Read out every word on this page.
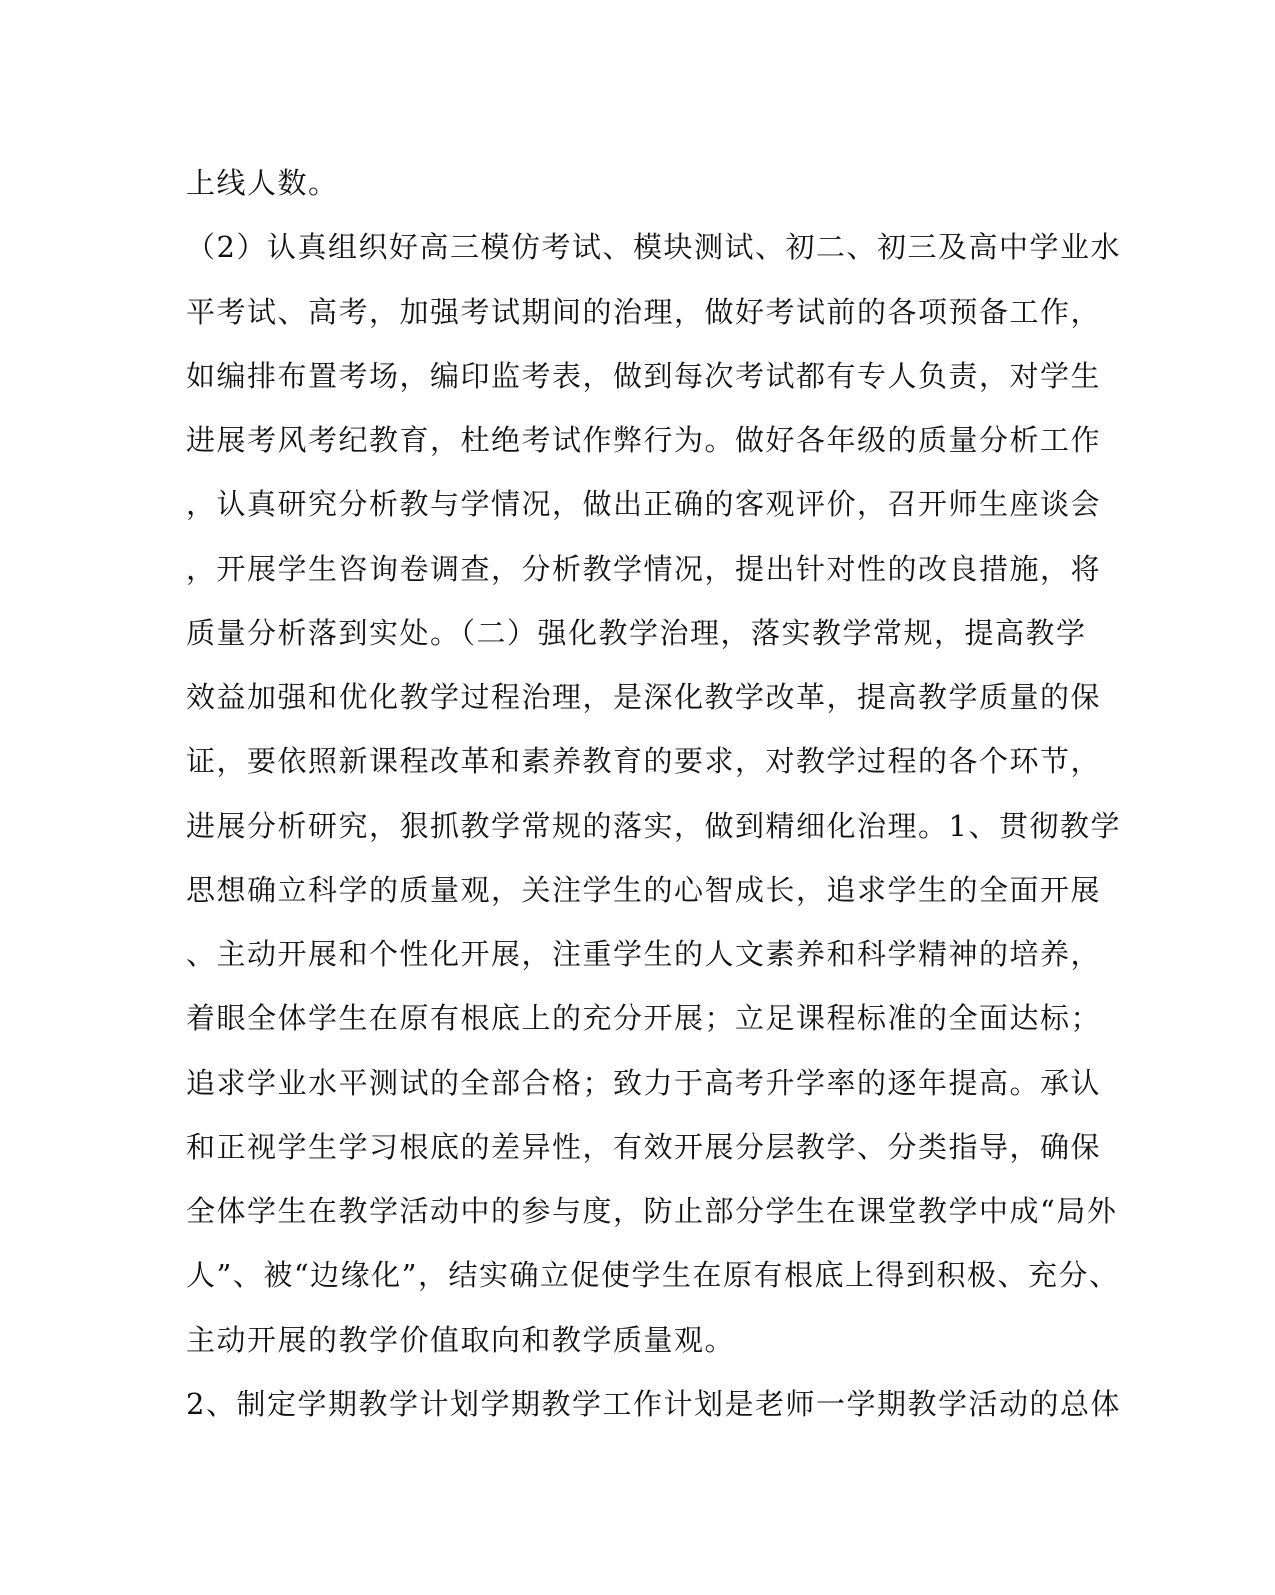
上线人数。
（2）认真组织好高三模仿考试、模块测试、初二、初三及高中学业水
平考试、高考，加强考试期间的治理，做好考试前的各项预备工作，
如编排布置考场，编印监考表，做到每次考试都有专人负责，对学生
进展考风考纪教育，杜绝考试作弊行为。做好各年级的质量分析工作
，认真研究分析教与学情况，做出正确的客观评价，召开师生座谈会
，开展学生咨询卷调查，分析教学情况，提出针对性的改良措施，将
质量分析落到实处。（二）强化教学治理，落实教学常规，提高教学
效益加强和优化教学过程治理，是深化教学改革，提高教学质量的保
证，要依照新课程改革和素养教育的要求，对教学过程的各个环节，
进展分析研究，狠抓教学常规的落实，做到精细化治理。1、贯彻教学
思想确立科学的质量观，关注学生的心智成长，追求学生的全面开展
、主动开展和个性化开展，注重学生的人文素养和科学精神的培养，
着眼全体学生在原有根底上的充分开展；立足课程标准的全面达标；
追求学业水平测试的全部合格；致力于高考升学率的逐年提高。承认
和正视学生学习根底的差异性，有效开展分层教学、分类指导，确保
全体学生在教学活动中的参与度，防止部分学生在课堂教学中成“局外
人”、被“边缘化”，结实确立促使学生在原有根底上得到积极、充分、
主动开展的教学价值取向和教学质量观。
2、制定学期教学计划学期教学工作计划是老师一学期教学活动的总体
